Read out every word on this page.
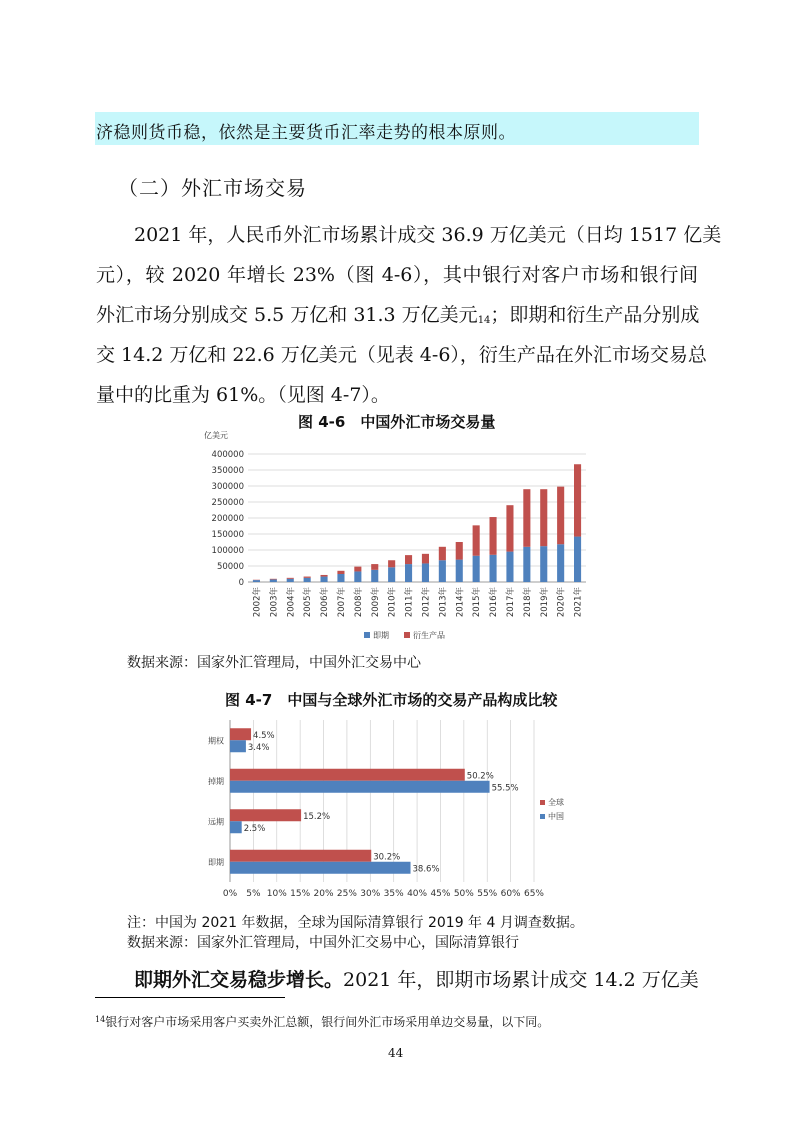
济稳则货币稳，依然是主要货币汇率走势的根本原则。
（二）外汇市场交易
2021 年，人民币外汇市场累计成交 36.9 万亿美元（日均 1517 亿美
元），较 2020 年增长 23%（图 4-6），其中银行对客户市场和银行间
外汇市场分别成交 5.5 万亿和 31.3 万亿美元$^{14}$；即期和衍生产品分别成
交 14.2 万亿和 22.6 万亿美元（见表 4-6），衍生产品在外汇市场交易总
量中的比重为 61%。（见图 4-7）。
图 4-6　中国外汇市场交易量
亿美元
0
50000
100000
150000
200000
250000
300000
350000
400000
2002年 2003年 2004年 2005年 2006年 2007年 2008年 2009年 2010年 2011年 2012年 2013年 2014年 2015年 2016年 2017年 2018年 2019年 2020年 2021年
即期	衍生产品
数据来源：国家外汇管理局，中国外汇交易中心
图 4-7　中国与全球外汇市场的交易产品构成比较
期权
掉期
远期
即期
4.5%
3.4%
50.2%
55.5%
15.2%
2.5%
30.2%
38.6%
0% 5% 10% 15% 20% 25% 30% 35% 40% 45% 50% 55% 60% 65%
全球
中国
注：中国为 2021 年数据，全球为国际清算银行 2019 年 4 月调查数据。
数据来源：国家外汇管理局，中国外汇交易中心，国际清算银行
即期外汇交易稳步增长。2021 年，即期市场累计成交 14.2 万亿美
$^{14}$银行对客户市场采用客户买卖外汇总额，银行间外汇市场采用单边交易量，以下同。
44
